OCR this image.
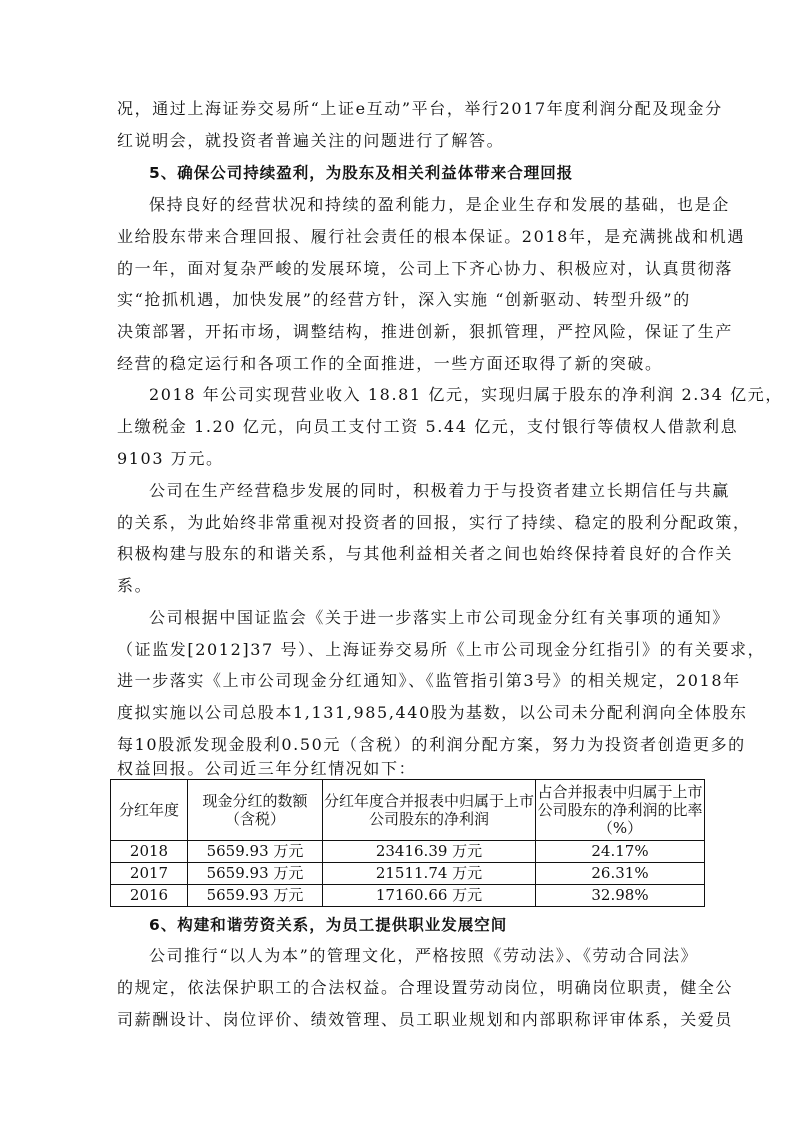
况，通过上海证券交易所“上证e互动”平台，举行2017年度利润分配及现金分
红说明会，就投资者普遍关注的问题进行了解答。
5、确保公司持续盈利，为股东及相关利益体带来合理回报
保持良好的经营状况和持续的盈利能力，是企业生存和发展的基础，也是企
业给股东带来合理回报、履行社会责任的根本保证。2018年，是充满挑战和机遇
的一年，面对复杂严峻的发展环境，公司上下齐心协力、积极应对，认真贯彻落
实“抢抓机遇，加快发展”的经营方针，深入实施 “创新驱动、转型升级”的
决策部署，开拓市场，调整结构，推进创新，狠抓管理，严控风险，保证了生产
经营的稳定运行和各项工作的全面推进，一些方面还取得了新的突破。
2018 年公司实现营业收入 18.81 亿元，实现归属于股东的净利润 2.34 亿元，
上缴税金 1.20 亿元，向员工支付工资 5.44 亿元，支付银行等债权人借款利息
9103 万元。
公司在生产经营稳步发展的同时，积极着力于与投资者建立长期信任与共赢
的关系，为此始终非常重视对投资者的回报，实行了持续、稳定的股利分配政策，
积极构建与股东的和谐关系，与其他利益相关者之间也始终保持着良好的合作关
系。
公司根据中国证监会《关于进一步落实上市公司现金分红有关事项的通知》
（证监发[2012]37 号）、上海证券交易所《上市公司现金分红指引》的有关要求，
进一步落实《上市公司现金分红通知》、《监管指引第3号》的相关规定，2018年
度拟实施以公司总股本1,131,985,440股为基数，以公司未分配利润向全体股东
每10股派发现金股利0.50元（含税）的利润分配方案，努力为投资者创造更多的
权益回报。公司近三年分红情况如下：
分红年度	现金分红的数额（含税）	分红年度合并报表中归属于上市公司股东的净利润	占合并报表中归属于上市公司股东的净利润的比率（%）
2018	5659.93 万元	23416.39 万元	24.17%
2017	5659.93 万元	21511.74 万元	26.31%
2016	5659.93 万元	17160.66 万元	32.98%
6、构建和谐劳资关系，为员工提供职业发展空间
公司推行“以人为本”的管理文化，严格按照《劳动法》、《劳动合同法》
的规定，依法保护职工的合法权益。合理设置劳动岗位，明确岗位职责，健全公
司薪酬设计、岗位评价、绩效管理、员工职业规划和内部职称评审体系，关爱员
